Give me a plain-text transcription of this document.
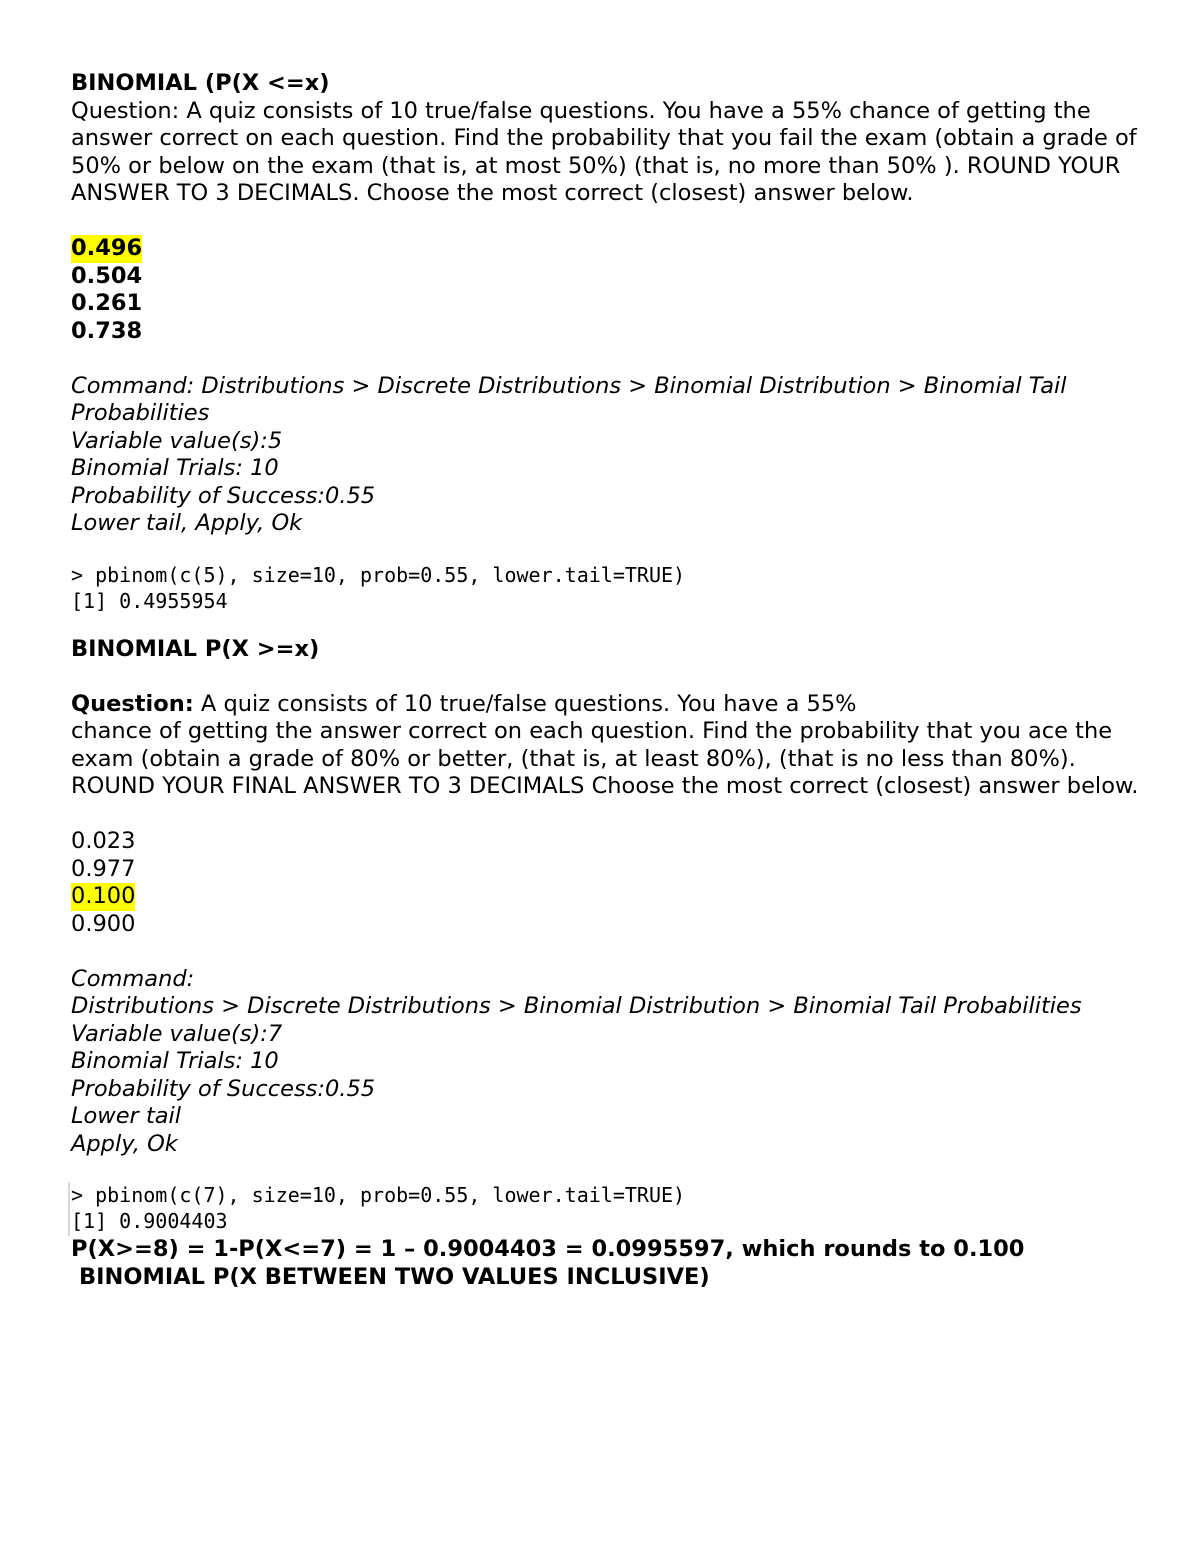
BINOMIAL (P(X <=x)

Question: A quiz consists of 10 true/false questions. You have a 55% chance of getting the answer correct on each question. Find the probability that you fail the exam (obtain a grade of 50% or below on the exam (that is, at most 50%) (that is, no more than 50% ). ROUND YOUR ANSWER TO 3 DECIMALS. Choose the most correct (closest) answer below.

0.496

0.504

0.261

0.738

Command: Distributions > Discrete Distributions > Binomial Distribution > Binomial Tail Probabilities

Variable value(s):5

Binomial Trials: 10

Probability of Success:0.55

Lower tail, Apply, Ok

> pbinom(c(5), size=10, prob=0.55, lower.tail=TRUE)

[1] 0.4955954

BINOMIAL P(X >=x)

Question: A quiz consists of 10 true/false questions. You have a 55%

chance of getting the answer correct on each question. Find the probability that you ace the exam (obtain a grade of 80% or better, (that is, at least 80%), (that is no less than 80%). ROUND YOUR FINAL ANSWER TO 3 DECIMALS Choose the most correct (closest) answer below.

0.023

0.977

0.100

0.900

Command:

Distributions > Discrete Distributions > Binomial Distribution > Binomial Tail Probabilities

Variable value(s):7

Binomial Trials: 10

Probability of Success:0.55

Lower tail

Apply, Ok

> pbinom(c(7), size=10, prob=0.55, lower.tail=TRUE)

[1] 0.9004403

P(X>=8) = 1-P(X<=7) = 1 – 0.9004403 = 0.0995597, which rounds to 0.100

BINOMIAL P(X BETWEEN TWO VALUES INCLUSIVE)
